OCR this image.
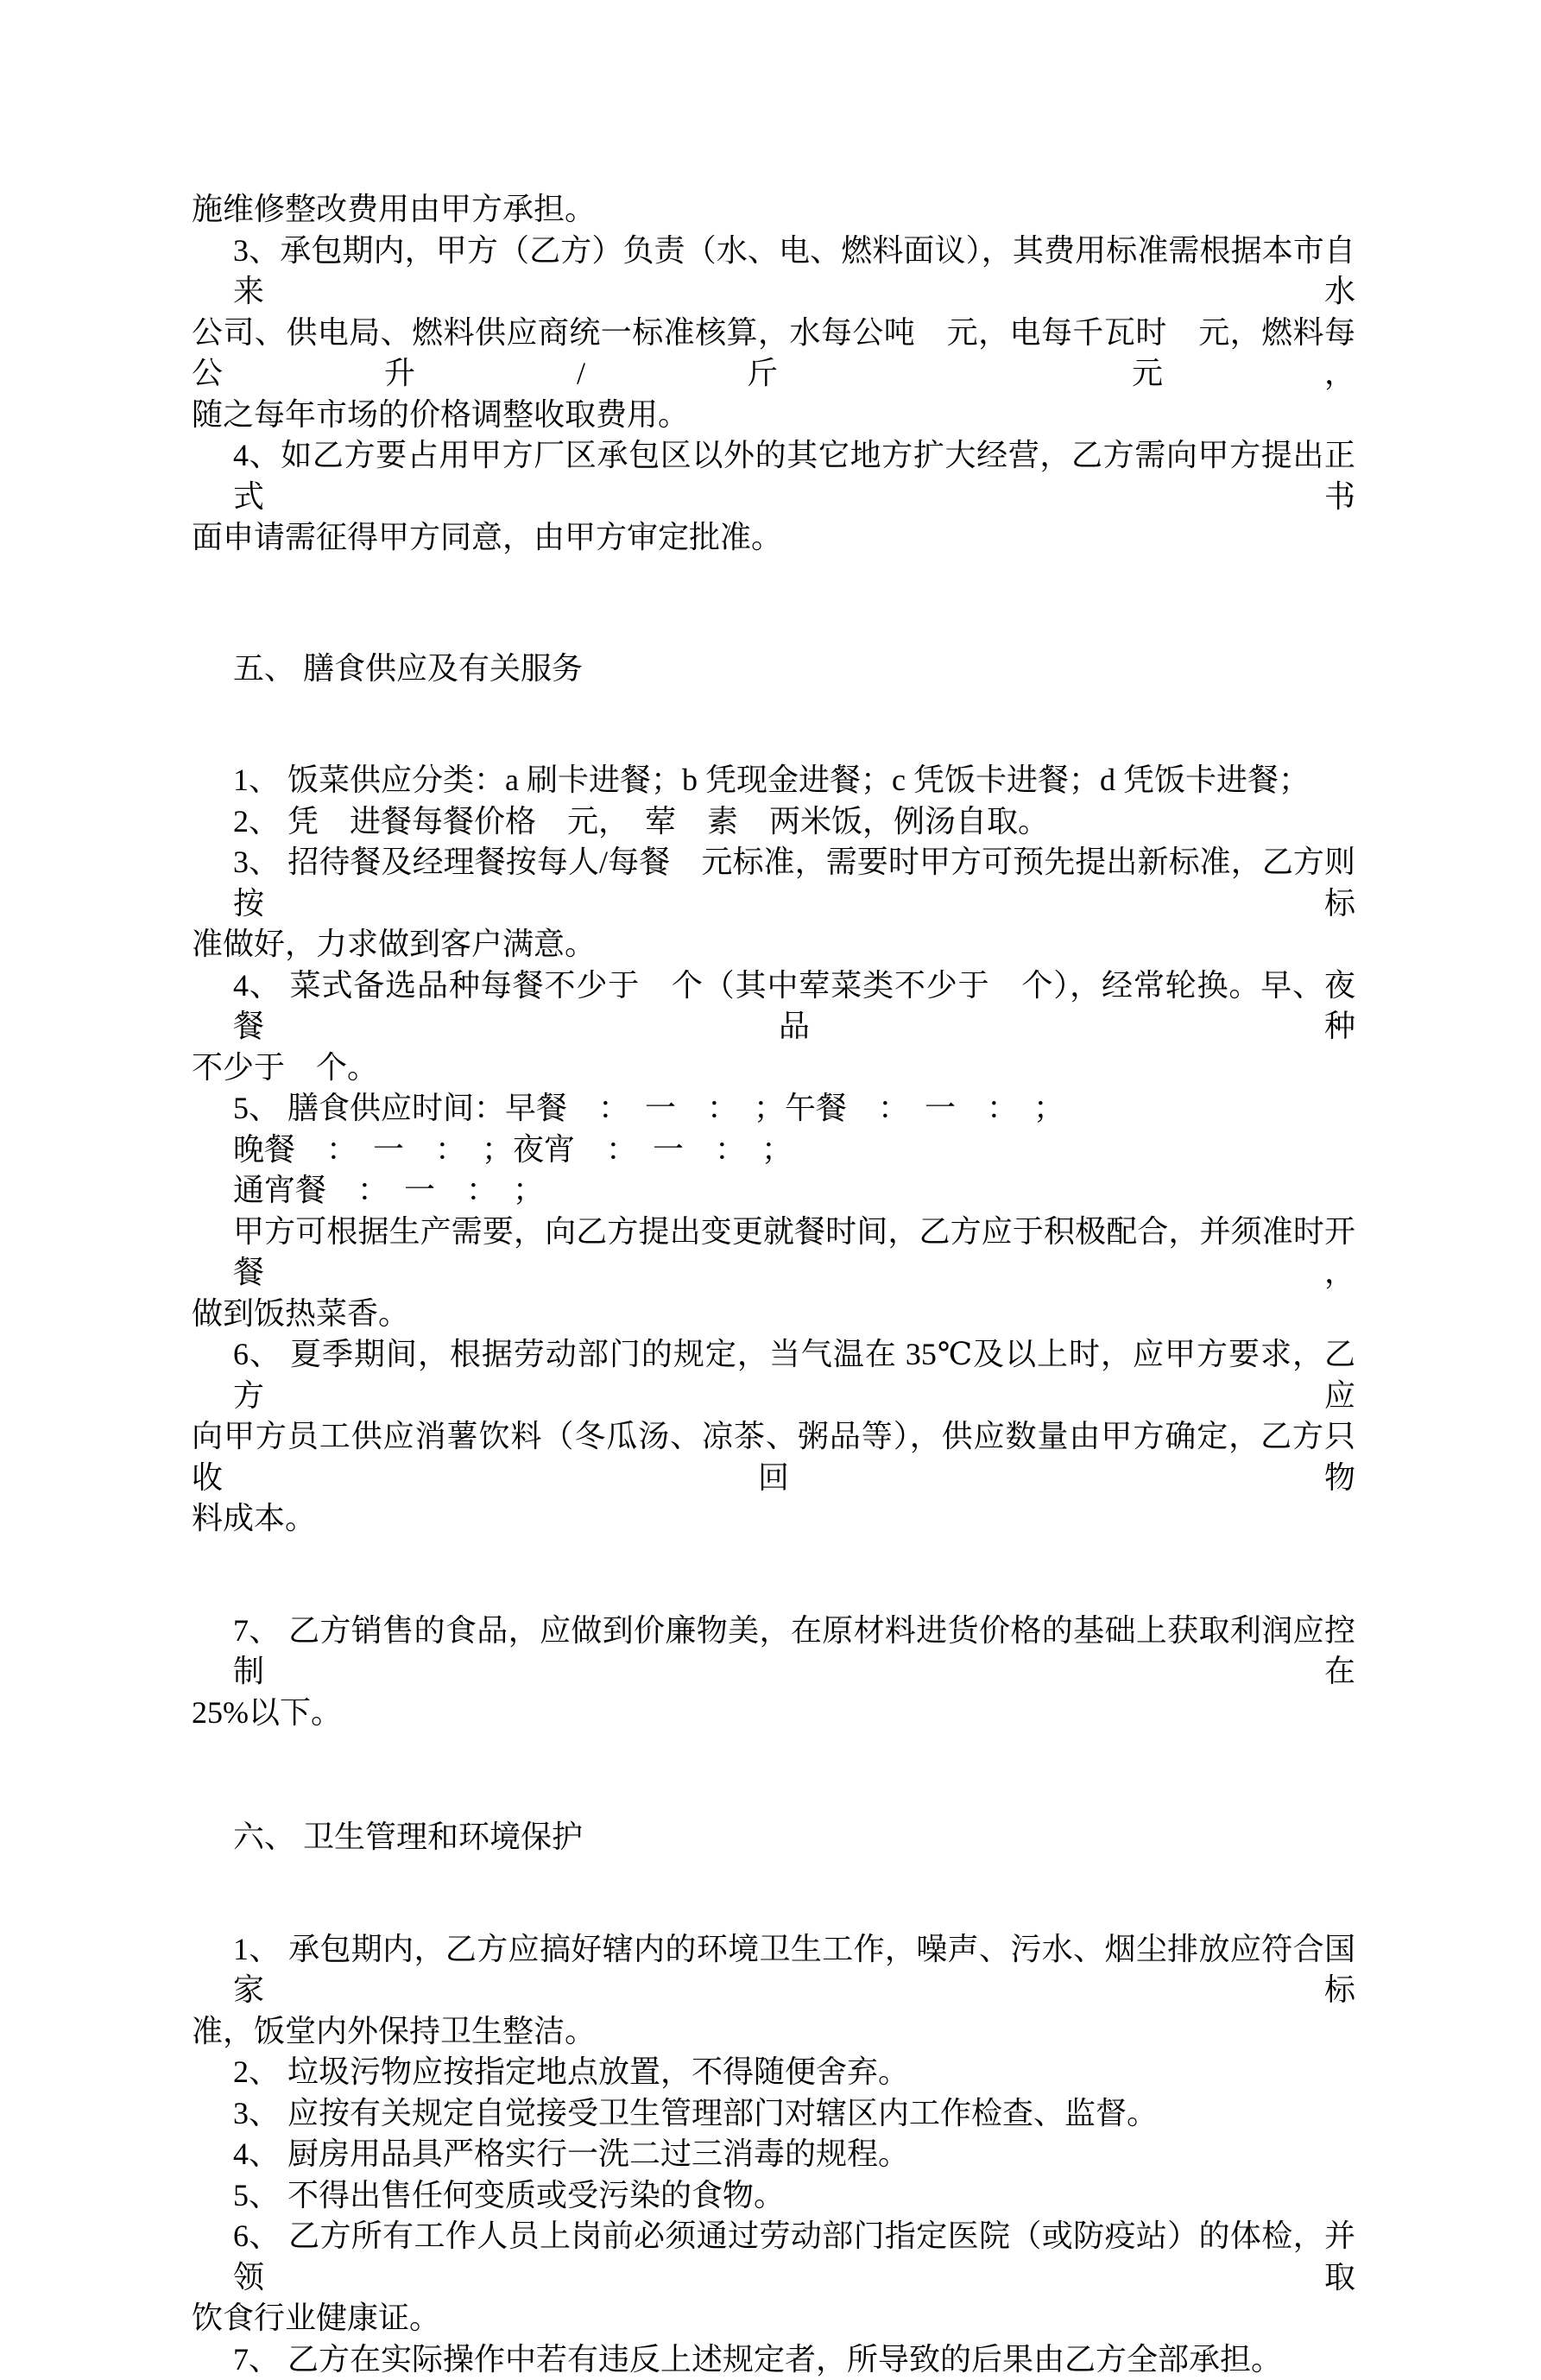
施维修整改费用由甲方承担。
3、承包期内，甲方（乙方）负责（水、电、燃料面议），其费用标准需根据本市自来水
公司、供电局、燃料供应商统一标准核算，水每公吨　元，电每千瓦时　元，燃料每公升/斤　元，
随之每年市场的价格调整收取费用。
4、如乙方要占用甲方厂区承包区以外的其它地方扩大经营，乙方需向甲方提出正式书
面申请需征得甲方同意，由甲方审定批准。
五、 膳食供应及有关服务
1、 饭菜供应分类：a 刷卡进餐；b 凭现金进餐；c 凭饭卡进餐；d 凭饭卡进餐；
2、 凭　进餐每餐价格　元，　荤　素　两米饭，例汤自取。
3、 招待餐及经理餐按每人/每餐　元标准，需要时甲方可预先提出新标准，乙方则按标
准做好，力求做到客户满意。
4、 菜式备选品种每餐不少于　个（其中荤菜类不少于　个），经常轮换。早、夜餐品种
不少于　个。
5、 膳食供应时间：早餐　：　一　：　；午餐　：　一　：　；
晚餐　：　一　：　；夜宵　：　一　：　；
通宵餐　：　一　：　；
甲方可根据生产需要，向乙方提出变更就餐时间，乙方应于积极配合，并须准时开餐，
做到饭热菜香。
6、 夏季期间，根据劳动部门的规定，当气温在 35℃及以上时，应甲方要求，乙方应
向甲方员工供应消薯饮料（冬瓜汤、凉茶、粥品等），供应数量由甲方确定，乙方只收回物
料成本。
7、 乙方销售的食品，应做到价廉物美，在原材料进货价格的基础上获取利润应控制在
25%以下。
六、 卫生管理和环境保护
1、 承包期内，乙方应搞好辖内的环境卫生工作，噪声、污水、烟尘排放应符合国家标
准，饭堂内外保持卫生整洁。
2、 垃圾污物应按指定地点放置，不得随便舍弃。
3、 应按有关规定自觉接受卫生管理部门对辖区内工作检查、监督。
4、 厨房用品具严格实行一洗二过三消毒的规程。
5、 不得出售任何变质或受污染的食物。
6、 乙方所有工作人员上岗前必须通过劳动部门指定医院（或防疫站）的体检，并领取
饮食行业健康证。
7、 乙方在实际操作中若有违反上述规定者，所导致的后果由乙方全部承担。
